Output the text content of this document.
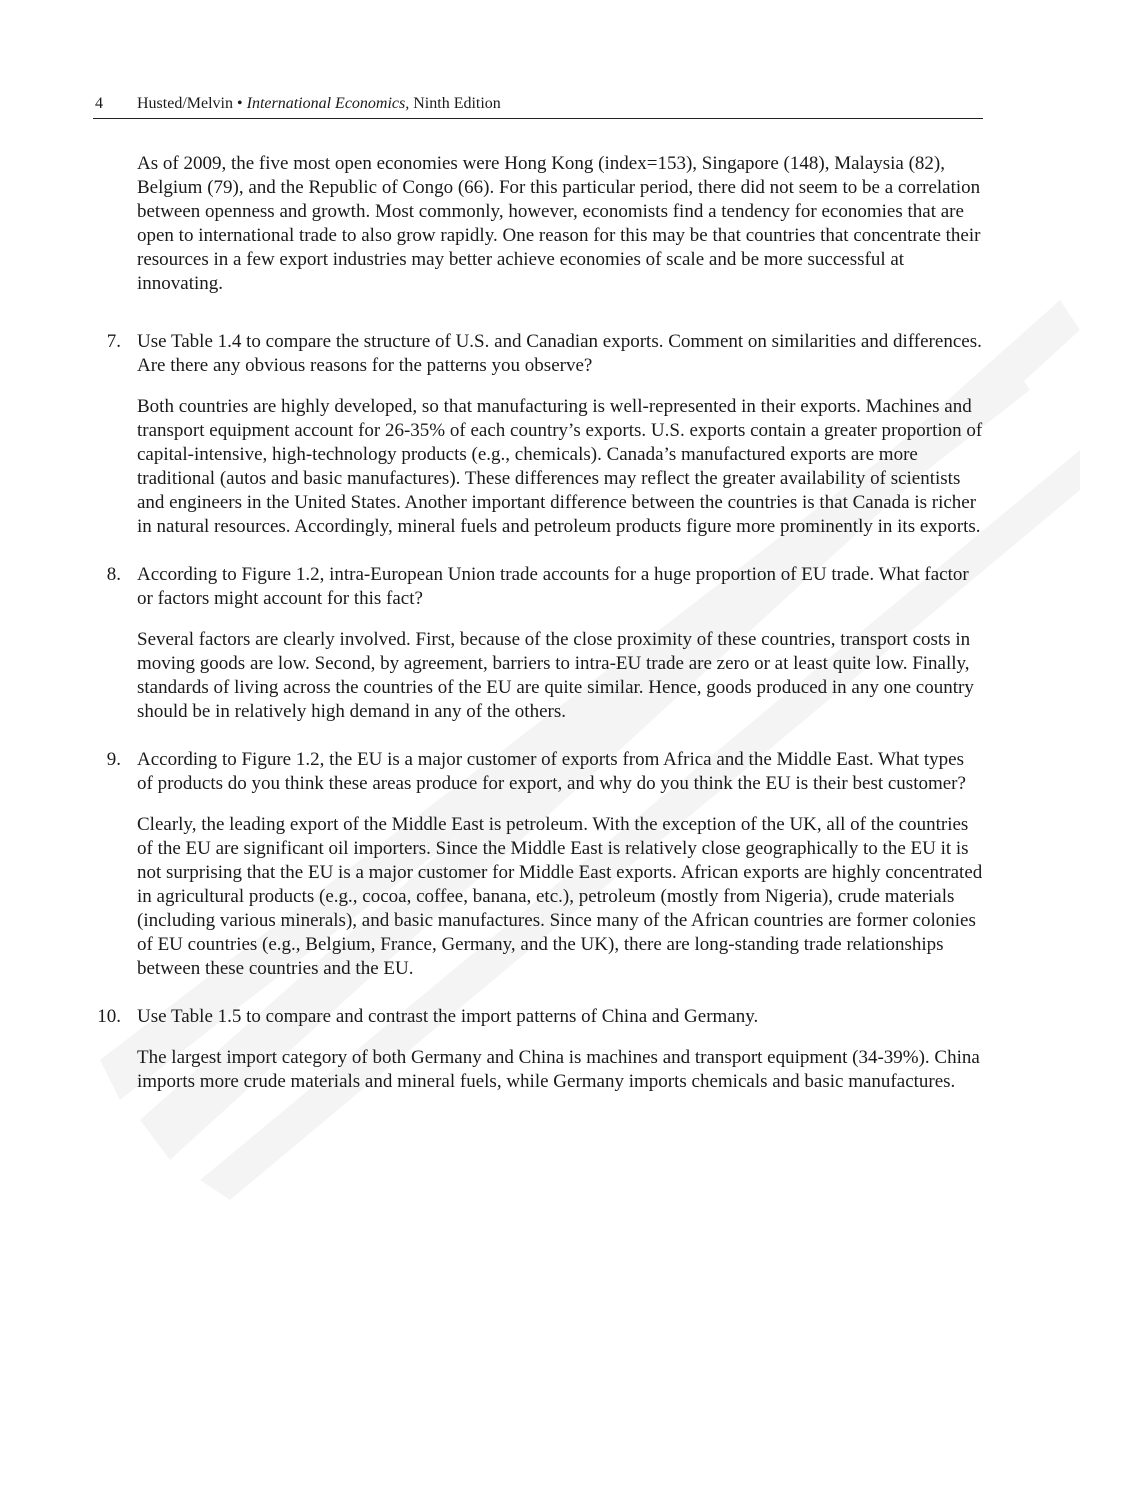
4 Husted/Melvin • International Economics, Ninth Edition

As of 2009, the five most open economies were Hong Kong (index=153), Singapore (148), Malaysia (82), Belgium (79), and the Republic of Congo (66). For this particular period, there did not seem to be a correlation between openness and growth. Most commonly, however, economists find a tendency for economies that are open to international trade to also grow rapidly. One reason for this may be that countries that concentrate their resources in a few export industries may better achieve economies of scale and be more successful at innovating.

7. Use Table 1.4 to compare the structure of U.S. and Canadian exports. Comment on similarities and differences. Are there any obvious reasons for the patterns you observe?

Both countries are highly developed, so that manufacturing is well-represented in their exports. Machines and transport equipment account for 26-35% of each country’s exports. U.S. exports contain a greater proportion of capital-intensive, high-technology products (e.g., chemicals). Canada’s manufactured exports are more traditional (autos and basic manufactures). These differences may reflect the greater availability of scientists and engineers in the United States. Another important difference between the countries is that Canada is richer in natural resources. Accordingly, mineral fuels and petroleum products figure more prominently in its exports.

8. According to Figure 1.2, intra-European Union trade accounts for a huge proportion of EU trade. What factor or factors might account for this fact?

Several factors are clearly involved. First, because of the close proximity of these countries, transport costs in moving goods are low. Second, by agreement, barriers to intra-EU trade are zero or at least quite low. Finally, standards of living across the countries of the EU are quite similar. Hence, goods produced in any one country should be in relatively high demand in any of the others.

9. According to Figure 1.2, the EU is a major customer of exports from Africa and the Middle East. What types of products do you think these areas produce for export, and why do you think the EU is their best customer?

Clearly, the leading export of the Middle East is petroleum. With the exception of the UK, all of the countries of the EU are significant oil importers. Since the Middle East is relatively close geographically to the EU it is not surprising that the EU is a major customer for Middle East exports. African exports are highly concentrated in agricultural products (e.g., cocoa, coffee, banana, etc.), petroleum (mostly from Nigeria), crude materials (including various minerals), and basic manufactures. Since many of the African countries are former colonies of EU countries (e.g., Belgium, France, Germany, and the UK), there are long-standing trade relationships between these countries and the EU.

10. Use Table 1.5 to compare and contrast the import patterns of China and Germany.

The largest import category of both Germany and China is machines and transport equipment (34-39%). China imports more crude materials and mineral fuels, while Germany imports chemicals and basic manufactures.
